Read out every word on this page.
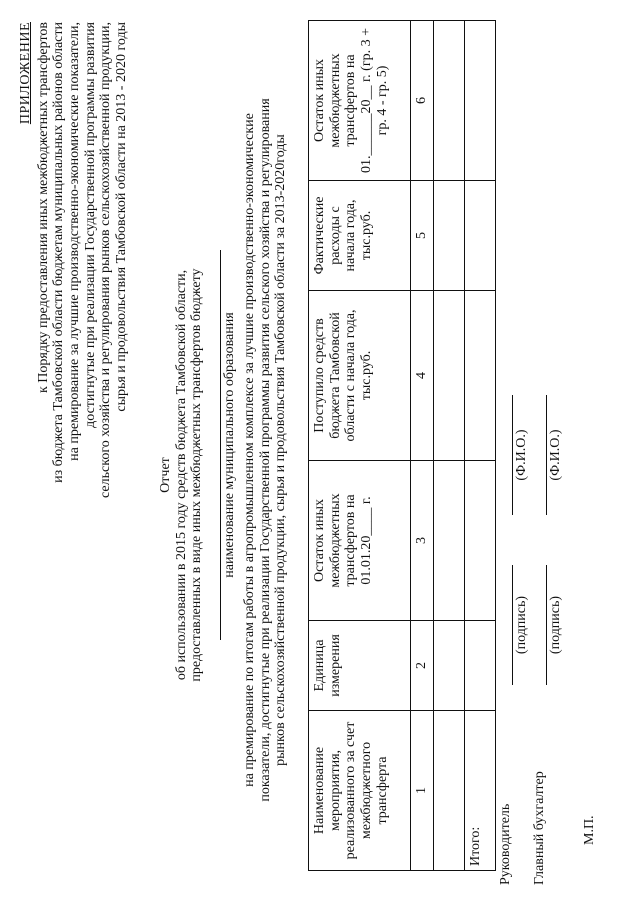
ПРИЛОЖЕНИЕ к Порядку предоставления иных межбюджетных трансфертов из бюджета Тамбовской области бюджетам муниципальных районов области на премирование за лучшие производственно-экономические показатели, достигнутые при реализации Государственной программы развития сельского хозяйства и регулирования рынков сельскохозяйственной продукции, сырья и продовольствия Тамбовской области на 2013 - 2020 годы
Отчет об использовании в 2015 году средств бюджета Тамбовской области, предоставленных в виде иных межбюджетных трансфертов бюджету наименование муниципального образования на премирование по итогам работы в агропромышленном комплексе за лучшие производственно-экономические показатели, достигнутые при реализации Государственной программы развития сельского хозяйства и регулирования рынков сельскохозяйственной продукции, сырья и продовольствия Тамбовской области за 2013-2020годы
Наименование мероприятия, реализованного за счет межбюджетного трансферта	Единица измерения	Остаток иных межбюджетных трансфертов на 01.01.20____ г.	Поступило средств бюджета Тамбовской области с начала года, тыс.руб.	Фактические расходы с начала года, тыс.руб.	Остаток иных межбюджетных трансфертов на 01.______20__ г. (гр. 3 + гр. 4 - гр. 5)
1	2	3	4	5	6

Итого:					Руководитель
(подпись)
(Ф.И.О.)
Главный бухгалтер
(подпись)
(Ф.И.О.)
М.П.
